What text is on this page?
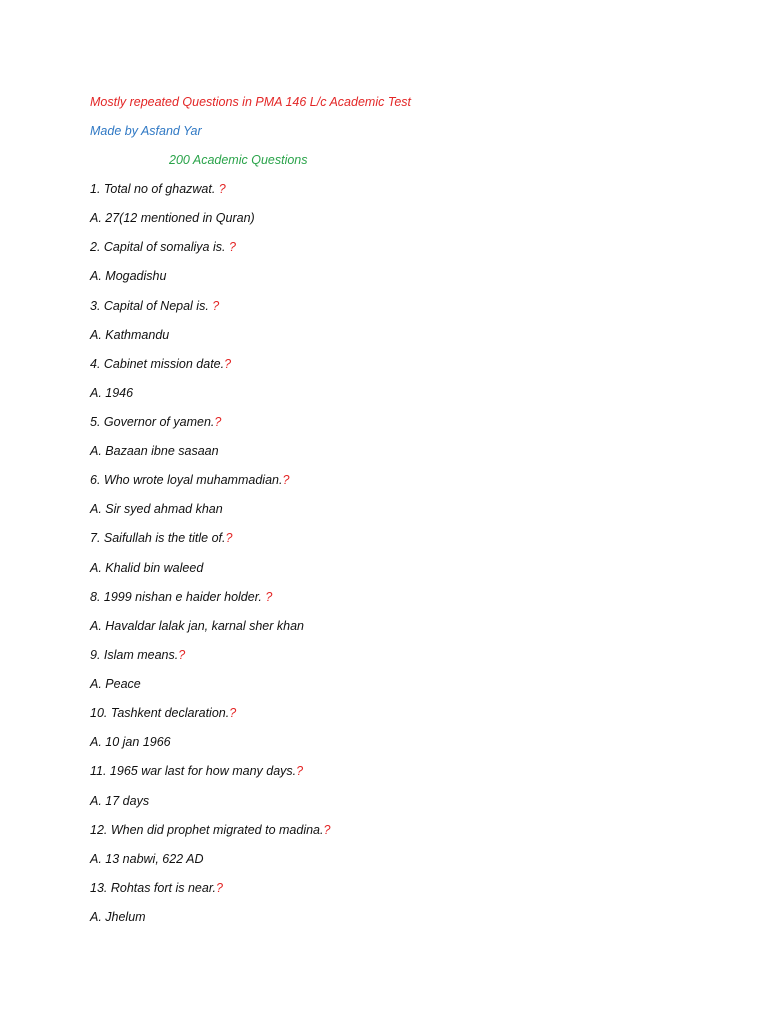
Mostly repeated Questions in PMA 146 L/c Academic Test
Made by Asfand Yar
200 Academic Questions
1. Total no of ghazwat. ?
A. 27(12 mentioned in Quran)
2. Capital of somaliya is. ?
A. Mogadishu
3. Capital of Nepal is. ?
A. Kathmandu
4. Cabinet mission date.?
A. 1946
5. Governor of yamen.?
A. Bazaan ibne sasaan
6. Who wrote loyal muhammadian.?
A. Sir syed ahmad khan
7. Saifullah is the title of.?
A. Khalid bin waleed
8. 1999 nishan e haider holder. ?
A. Havaldar lalak jan, karnal sher khan
9. Islam means.?
A. Peace
10. Tashkent declaration.?
A. 10 jan 1966
11. 1965 war last for how many days.?
A. 17 days
12. When did prophet migrated to madina.?
A. 13 nabwi, 622 AD
13. Rohtas fort is near.?
A. Jhelum
